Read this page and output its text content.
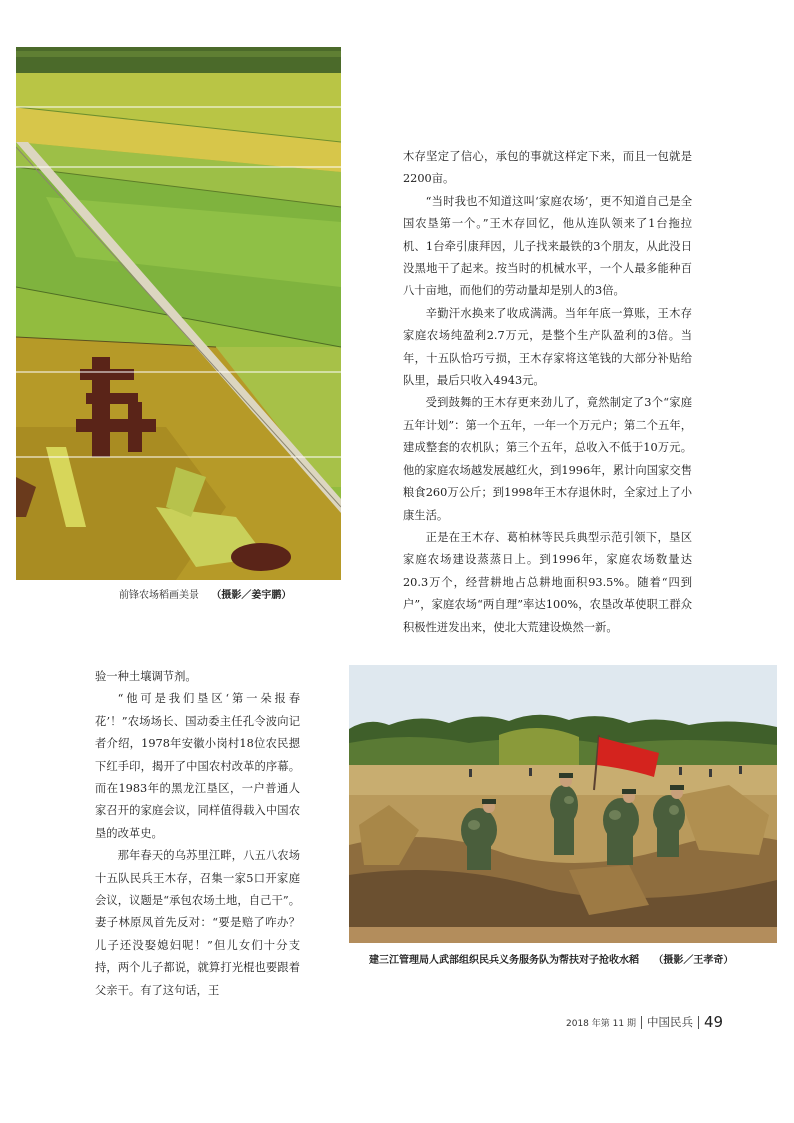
前锋农场稻画美景 （摄影／姜宇鹏）

木存坚定了信心，承包的事就这样定下来，而且一包就是2200亩。

“当时我也不知道这叫‘家庭农场’，更不知道自己是全国农垦第一个。”王木存回忆，他从连队领来了1台拖拉机、1台牵引康拜因，儿子找来最铁的3个朋友，从此没日没黑地干了起来。按当时的机械水平，一个人最多能种百八十亩地，而他们的劳动量却是别人的3倍。

辛勤汗水换来了收成满满。当年年底一算账，王木存家庭农场纯盈利2.7万元，是整个生产队盈利的3倍。当年，十五队恰巧亏损，王木存家将这笔钱的大部分补贴给队里，最后只收入4943元。

受到鼓舞的王木存更来劲儿了，竟然制定了3个“家庭五年计划”：第一个五年，一年一个万元户；第二个五年，建成整套的农机队；第三个五年，总收入不低于10万元。他的家庭农场越发展越红火，到1996年，累计向国家交售粮食260万公斤；到1998年王木存退休时，全家过上了小康生活。

正是在王木存、葛柏林等民兵典型示范引领下，垦区家庭农场建设蒸蒸日上。到1996年，家庭农场数量达20.3万个，经营耕地占总耕地面积93.5%。随着“四到户”，家庭农场“两自理”率达100%，农垦改革使职工群众积极性迸发出来，使北大荒建设焕然一新。

验一种土壤调节剂。

“他可是我们垦区‘第一朵报春花’！”农场场长、国动委主任孔令波向记者介绍，1978年安徽小岗村18位农民摁下红手印，揭开了中国农村改革的序幕。而在1983年的黑龙江垦区，一户普通人家召开的家庭会议，同样值得载入中国农垦的改革史。

那年春天的乌苏里江畔，八五八农场十五队民兵王木存，召集一家5口开家庭会议，议题是“承包农场土地，自己干”。妻子林原凤首先反对：“要是赔了咋办？儿子还没娶媳妇呢！”但儿女们十分支持，两个儿子都说，就算打光棍也要跟着父亲干。有了这句话，王

建三江管理局人武部组织民兵义务服务队为帮扶对子抢收水稻 （摄影／王孝奇）
2018 年第 11 期 中国民兵 49
